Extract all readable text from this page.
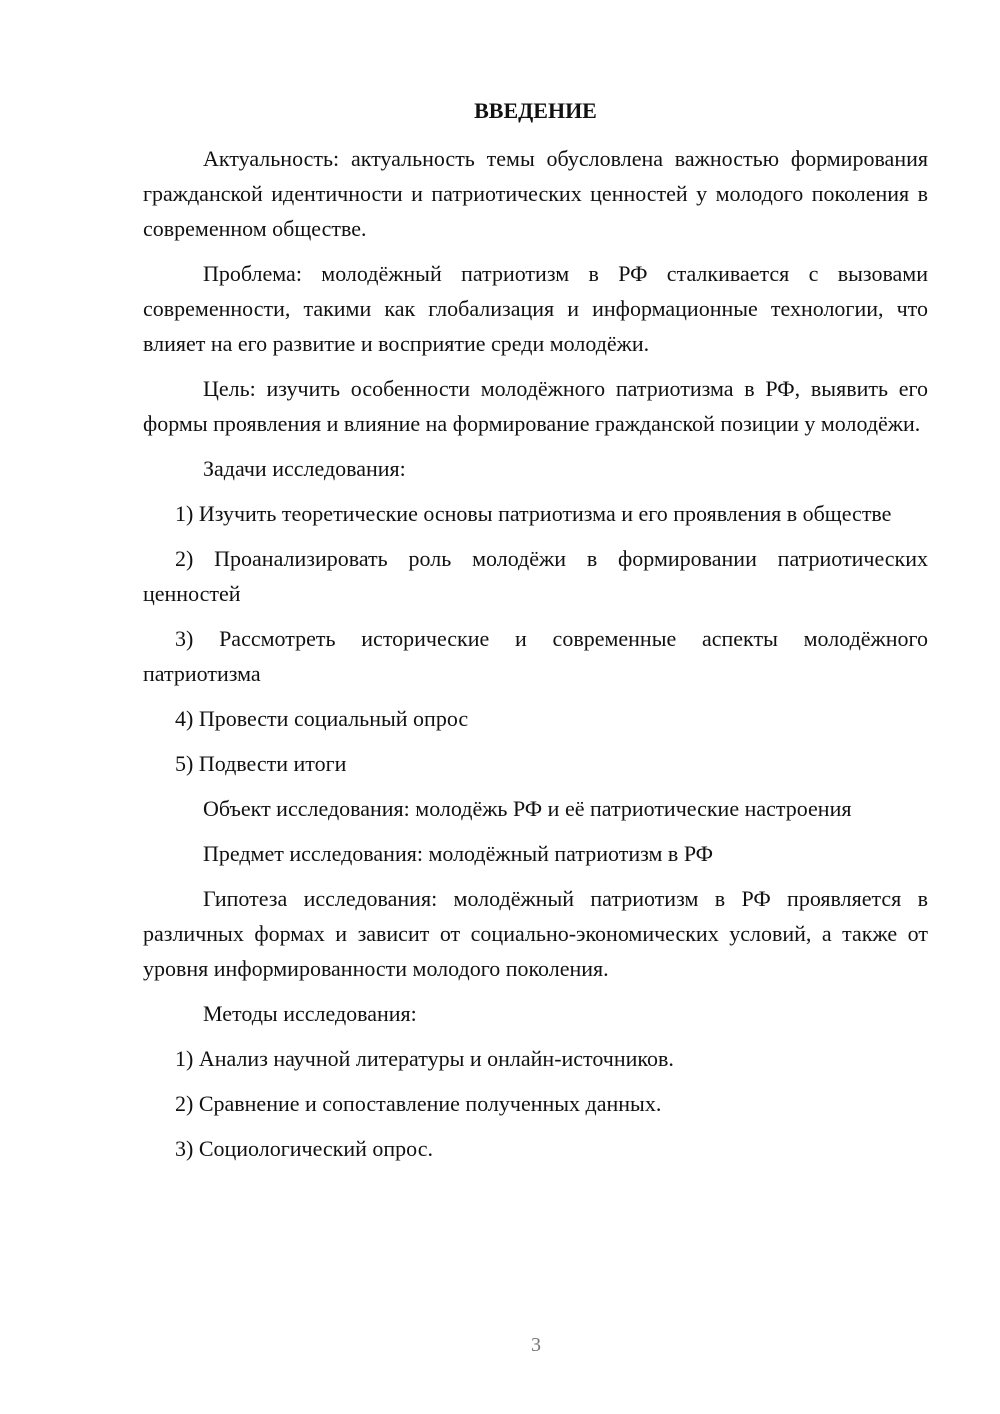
ВВЕДЕНИЕ

Актуальность: актуальность темы обусловлена важностью формирования гражданской идентичности и патриотических ценностей у молодого поколения в современном обществе.

Проблема: молодёжный патриотизм в РФ сталкивается с вызовами современности, такими как глобализация и информационные технологии, что влияет на его развитие и восприятие среди молодёжи.

Цель: изучить особенности молодёжного патриотизма в РФ, выявить его формы проявления и влияние на формирование гражданской позиции у молодёжи.

Задачи исследования:

1) Изучить теоретические основы патриотизма и его проявления в обществе

2) Проанализировать роль молодёжи в формировании патриотических ценностей

3) Рассмотреть исторические и современные аспекты молодёжного патриотизма

4) Провести социальный опрос

5) Подвести итоги

Объект исследования: молодёжь РФ и её патриотические настроения

Предмет исследования: молодёжный патриотизм в РФ

Гипотеза исследования: молодёжный патриотизм в РФ проявляется в различных формах и зависит от социально-экономических условий, а также от уровня информированности молодого поколения.

Методы исследования:

1) Анализ научной литературы и онлайн-источников.

2) Сравнение и сопоставление полученных данных.

3) Социологический опрос.

3
